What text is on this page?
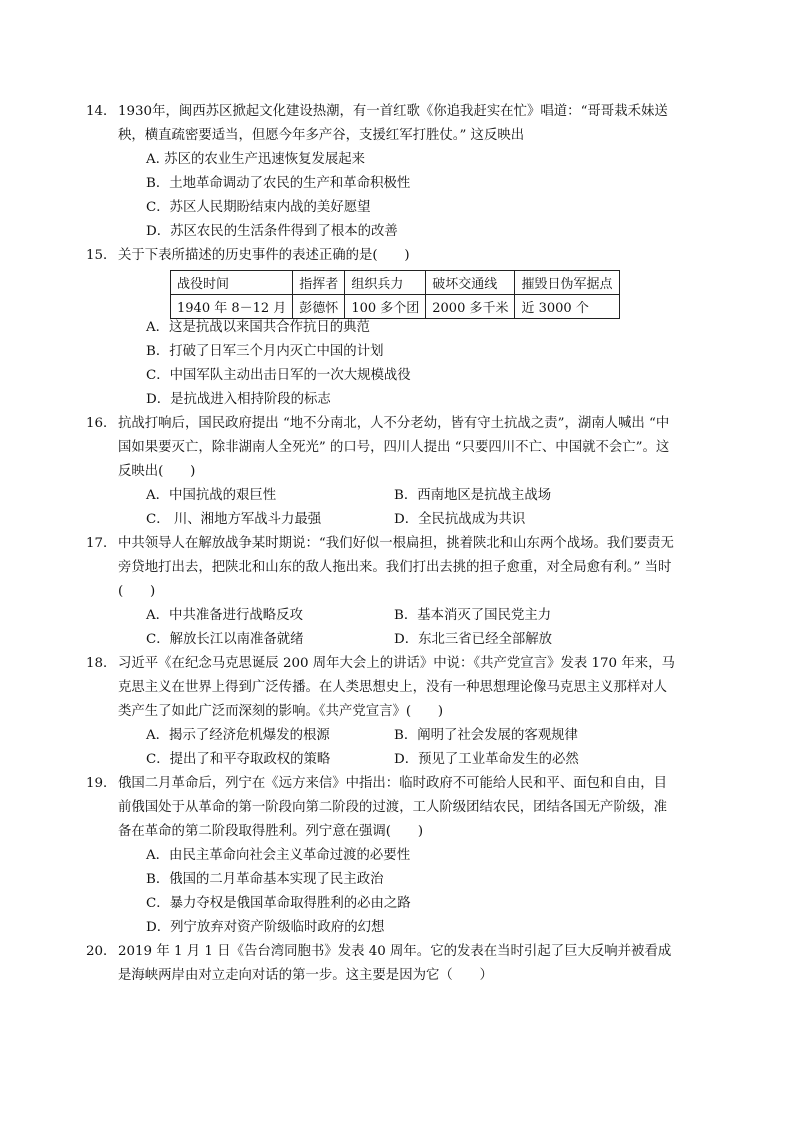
14． 1930年，闽西苏区掀起文化建设热潮，有一首红歌《你追我赶实在忙》唱道：“哥哥栽禾妹送秧，横直疏密要适当，但愿今年多产谷，支援红军打胜仗。” 这反映出
A. 苏区的农业生产迅速恢复发展起来
B．土地革命调动了农民的生产和革命积极性
C．苏区人民期盼结束内战的美好愿望
D．苏区农民的生活条件得到了根本的改善
15． 关于下表所描述的历史事件的表述正确的是(　　)
战役时间	指挥者	组织兵力	破坏交通线	摧毁日伪军据点
1940 年 8－12 月	彭德怀	100 多个团	2000 多千米	近 3000 个
A．这是抗战以来国共合作抗日的典范
B．打破了日军三个月内灭亡中国的计划
C．中国军队主动出击日军的一次大规模战役
D．是抗战进入相持阶段的标志
16． 抗战打响后，国民政府提出 “地不分南北，人不分老幼，皆有守土抗战之责”，湖南人喊出 “中国如果要灭亡，除非湖南人全死光” 的口号，四川人提出 “只要四川不亡、中国就不会亡”。这反映出(　　)
A．中国抗战的艰巨性	B．西南地区是抗战主战场
C． 川、湘地方军战斗力最强	D．全民抗战成为共识
17． 中共领导人在解放战争某时期说：“我们好似一根扁担，挑着陕北和山东两个战场。我们要责无旁贷地打出去，把陕北和山东的敌人拖出来。我们打出去挑的担子愈重，对全局愈有利。” 当时(　　)
A．中共准备进行战略反攻	B．基本消灭了国民党主力
C．解放长江以南准备就绪	D．东北三省已经全部解放
18． 习近平《在纪念马克思诞辰 200 周年大会上的讲话》中说：《共产党宣言》发表 170 年来，马克思主义在世界上得到广泛传播。在人类思想史上，没有一种思想理论像马克思主义那样对人类产生了如此广泛而深刻的影响。《共产党宣言》(　　)
A．揭示了经济危机爆发的根源	B．阐明了社会发展的客观规律
C．提出了和平夺取政权的策略	D．预见了工业革命发生的必然
19． 俄国二月革命后，列宁在《远方来信》中指出：临时政府不可能给人民和平、面包和自由，目前俄国处于从革命的第一阶段向第二阶段的过渡，工人阶级团结农民，团结各国无产阶级，准备在革命的第二阶段取得胜利。列宁意在强调(　　)
A．由民主革命向社会主义革命过渡的必要性
B．俄国的二月革命基本实现了民主政治
C．暴力夺权是俄国革命取得胜利的必由之路
D．列宁放弃对资产阶级临时政府的幻想
20． 2019 年 1 月 1 日《告台湾同胞书》发表 40 周年。它的发表在当时引起了巨大反响并被看成是海峡两岸由对立走向对话的第一步。这主要是因为它（　　）
